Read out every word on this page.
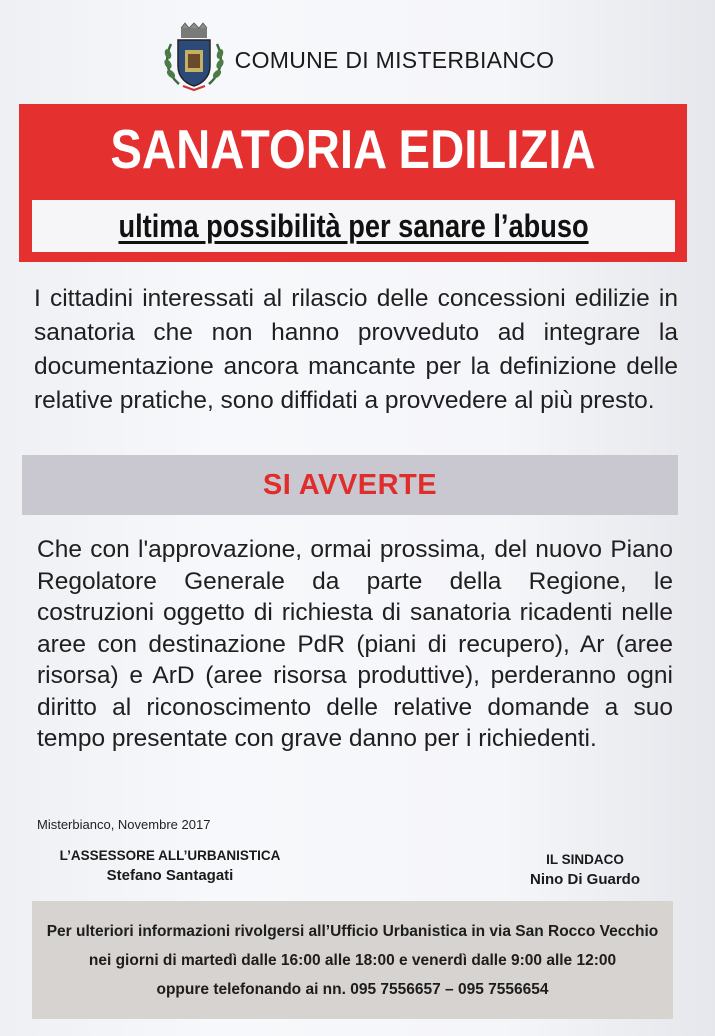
COMUNE DI MISTERBIANCO
SANATORIA EDILIZIA
ultima possibilità per sanare l’abuso
I cittadini interessati al rilascio delle concessioni edilizie in sanatoria che non hanno provveduto ad integrare la documentazione ancora mancante per la definizione delle relative pratiche, sono diffidati a provvedere al più presto.
SI AVVERTE
Che con l'approvazione, ormai prossima, del nuovo Piano Regolatore Generale da parte della Regione, le costruzioni oggetto di richiesta di sanatoria ricadenti nelle aree con destinazione PdR (piani di recupero), Ar (aree risorsa) e ArD (aree risorsa produttive), perderanno ogni diritto al riconoscimento delle relative domande a suo tempo presentate con grave danno per i richiedenti.
Misterbianco, Novembre 2017
L’ASSESSORE ALL’URBANISTICA
Stefano Santagati
IL SINDACO
Nino Di Guardo
Per ulteriori informazioni rivolgersi all’Ufficio Urbanistica in via San Rocco Vecchio
nei giorni di martedì dalle 16:00 alle 18:00 e venerdì dalle 9:00 alle 12:00
oppure telefonando ai nn. 095 7556657 – 095 7556654
